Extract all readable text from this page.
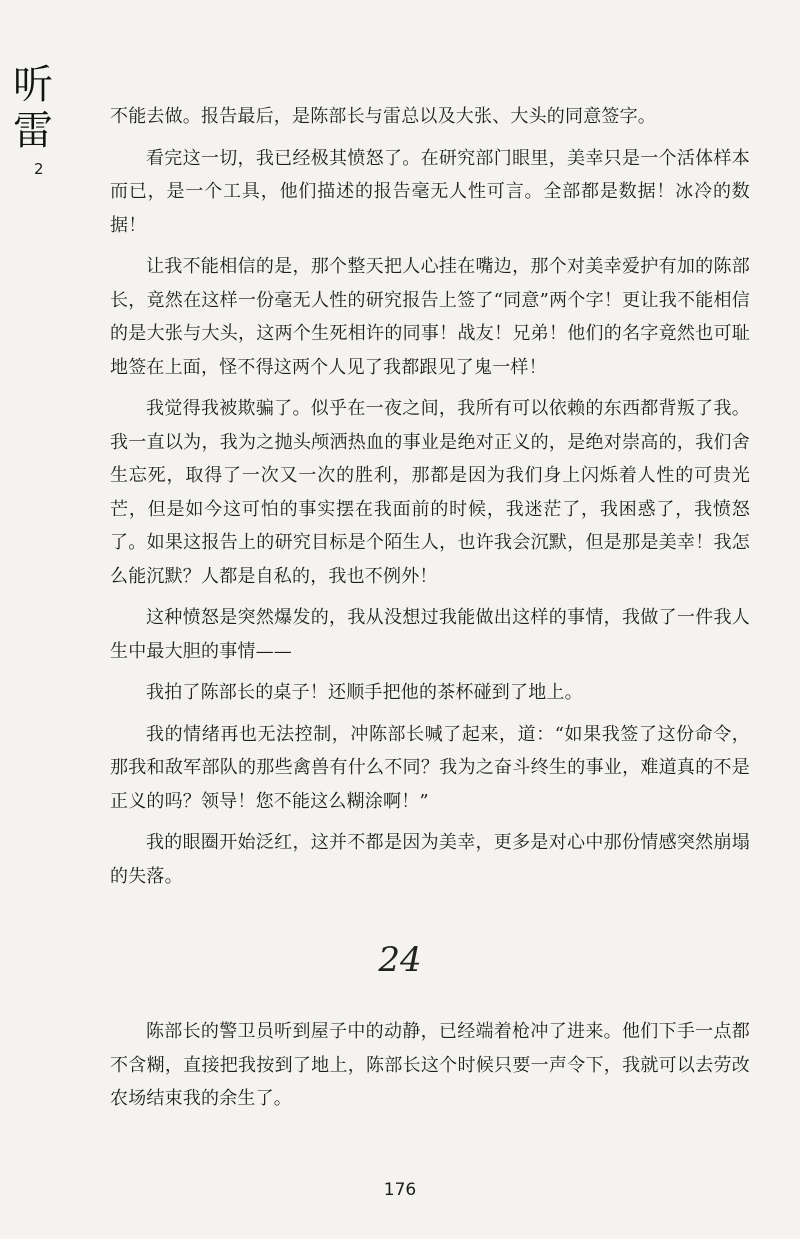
听
雷
2

不能去做。报告最后，是陈部长与雷总以及大张、大头的同意签字。

看完这一切，我已经极其愤怒了。在研究部门眼里，美幸只是一个活体样本而已，是一个工具，他们描述的报告毫无人性可言。全部都是数据！冰冷的数据！

让我不能相信的是，那个整天把人心挂在嘴边，那个对美幸爱护有加的陈部长，竟然在这样一份毫无人性的研究报告上签了“同意”两个字！更让我不能相信的是大张与大头，这两个生死相许的同事！战友！兄弟！他们的名字竟然也可耻地签在上面，怪不得这两个人见了我都跟见了鬼一样！

我觉得我被欺骗了。似乎在一夜之间，我所有可以依赖的东西都背叛了我。我一直以为，我为之抛头颅洒热血的事业是绝对正义的，是绝对崇高的，我们舍生忘死，取得了一次又一次的胜利，那都是因为我们身上闪烁着人性的可贵光芒，但是如今这可怕的事实摆在我面前的时候，我迷茫了，我困惑了，我愤怒了。如果这报告上的研究目标是个陌生人，也许我会沉默，但是那是美幸！我怎么能沉默？人都是自私的，我也不例外！

这种愤怒是突然爆发的，我从没想过我能做出这样的事情，我做了一件我人生中最大胆的事情——

我拍了陈部长的桌子！还顺手把他的茶杯碰到了地上。

我的情绪再也无法控制，冲陈部长喊了起来，道：“如果我签了这份命令，那我和敌军部队的那些禽兽有什么不同？我为之奋斗终生的事业，难道真的不是正义的吗？领导！您不能这么糊涂啊！”

我的眼圈开始泛红，这并不都是因为美幸，更多是对心中那份情感突然崩塌的失落。

24

陈部长的警卫员听到屋子中的动静，已经端着枪冲了进来。他们下手一点都不含糊，直接把我按到了地上，陈部长这个时候只要一声令下，我就可以去劳改农场结束我的余生了。

176
